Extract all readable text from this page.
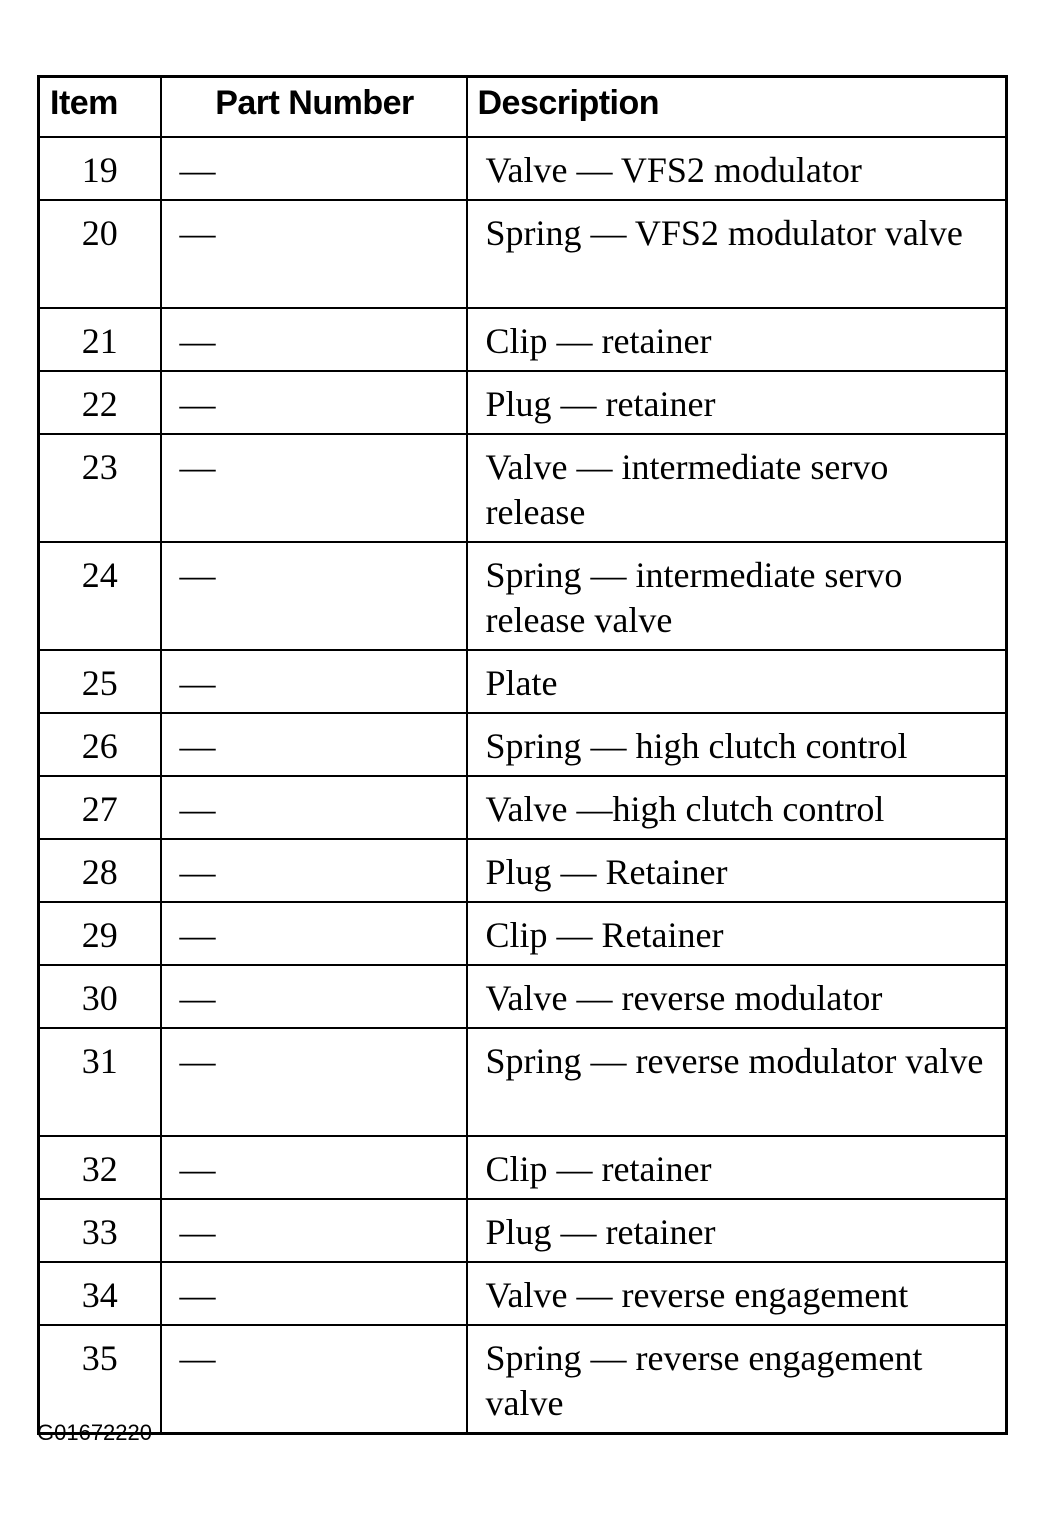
Item	Part Number	Description
19	—	Valve — VFS2 modulator
20	—	Spring — VFS2 modulator valve
21	—	Clip — retainer
22	—	Plug — retainer
23	—	Valve — intermediate servo release
24	—	Spring — intermediate servo release valve
25	—	Plate
26	—	Spring — high clutch control
27	—	Valve —high clutch control
28	—	Plug — Retainer
29	—	Clip — Retainer
30	—	Valve — reverse modulator
31	—	Spring — reverse modulator valve
32	—	Clip — retainer
33	—	Plug — retainer
34	—	Valve — reverse engagement
35	—	Spring — reverse engagement valve
G01672220
